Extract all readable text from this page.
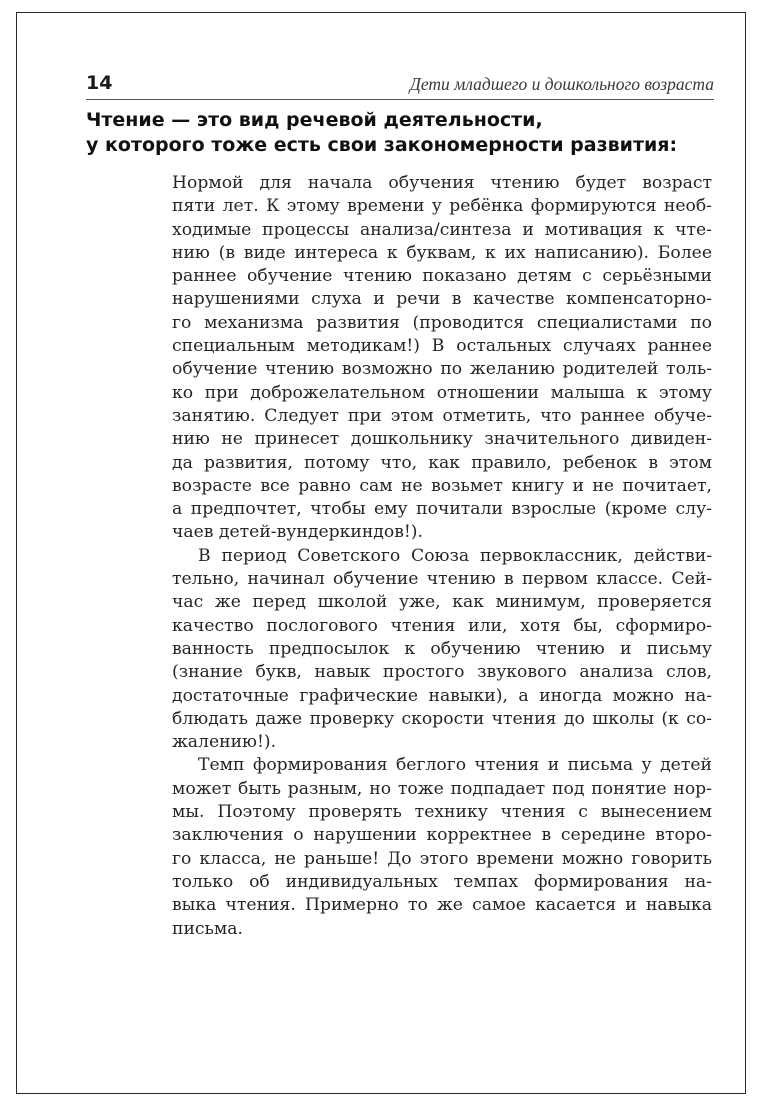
14	Дети младшего и дошкольного возраста
Чтение — это вид речевой деятельности,
у которого тоже есть свои закономерности развития:
Нормой для начала обучения чтению будет возраст
пяти лет. К этому времени у ребёнка формируются необ-
ходимые процессы анализа/синтеза и мотивация к чте-
нию (в виде интереса к буквам, к их написанию). Более
раннее обучение чтению показано детям с серьёзными
нарушениями слуха и речи в качестве компенсаторно-
го механизма развития (проводится специалистами по
специальным методикам!) В остальных случаях раннее
обучение чтению возможно по желанию родителей толь-
ко при доброжелательном отношении малыша к этому
занятию. Следует при этом отметить, что раннее обуче-
нию не принесет дошкольнику значительного дивиден-
да развития, потому что, как правило, ребенок в этом
возрасте все равно сам не возьмет книгу и не почитает,
а предпочтет, чтобы ему почитали взрослые (кроме слу-
чаев детей-вундеркиндов!).
В период Советского Союза первоклассник, действи-
тельно, начинал обучение чтению в первом классе. Сей-
час же перед школой уже, как минимум, проверяется
качество послогового чтения или, хотя бы, сформиро-
ванность предпосылок к обучению чтению и письму
(знание букв, навык простого звукового анализа слов,
достаточные графические навыки), а иногда можно на-
блюдать даже проверку скорости чтения до школы (к со-
жалению!).
Темп формирования беглого чтения и письма у детей
может быть разным, но тоже подпадает под понятие нор-
мы. Поэтому проверять технику чтения с вынесением
заключения о нарушении корректнее в середине второ-
го класса, не раньше! До этого времени можно говорить
только об индивидуальных темпах формирования на-
выка чтения. Примерно то же самое касается и навыка
письма.
